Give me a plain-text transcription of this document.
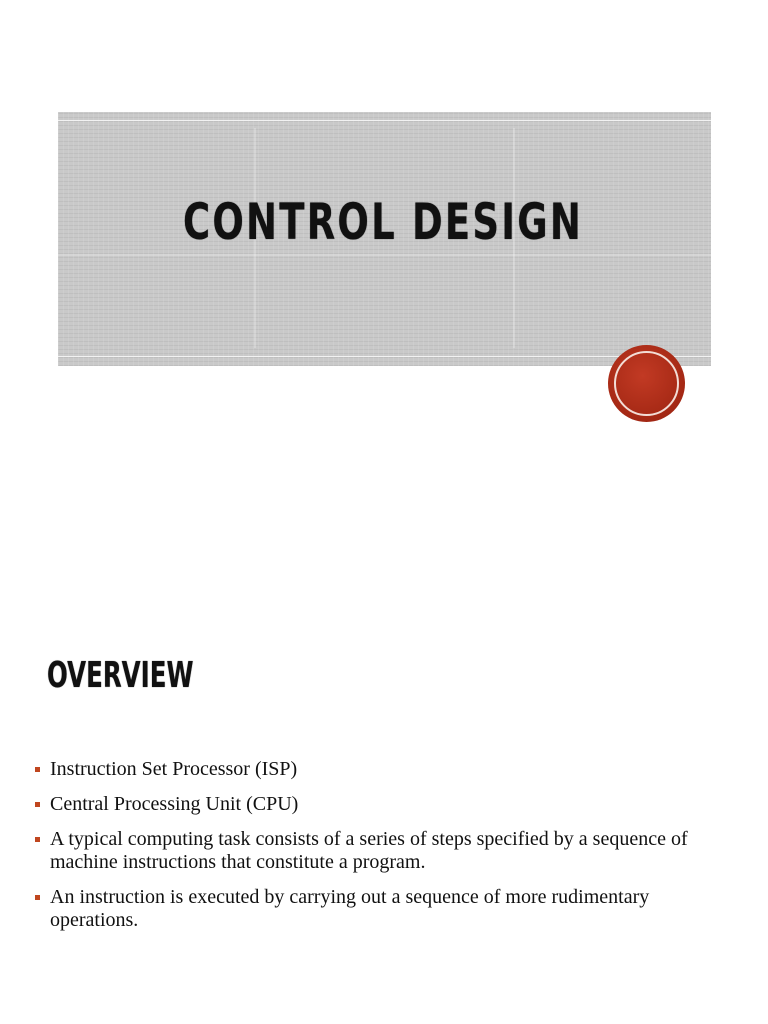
CONTROL DESIGN
OVERVIEW
Instruction Set Processor (ISP)
Central Processing Unit (CPU)
A typical computing task consists of a series of steps specified by a sequence of machine instructions that constitute a program.
An instruction is executed by carrying out a sequence of more rudimentary operations.
